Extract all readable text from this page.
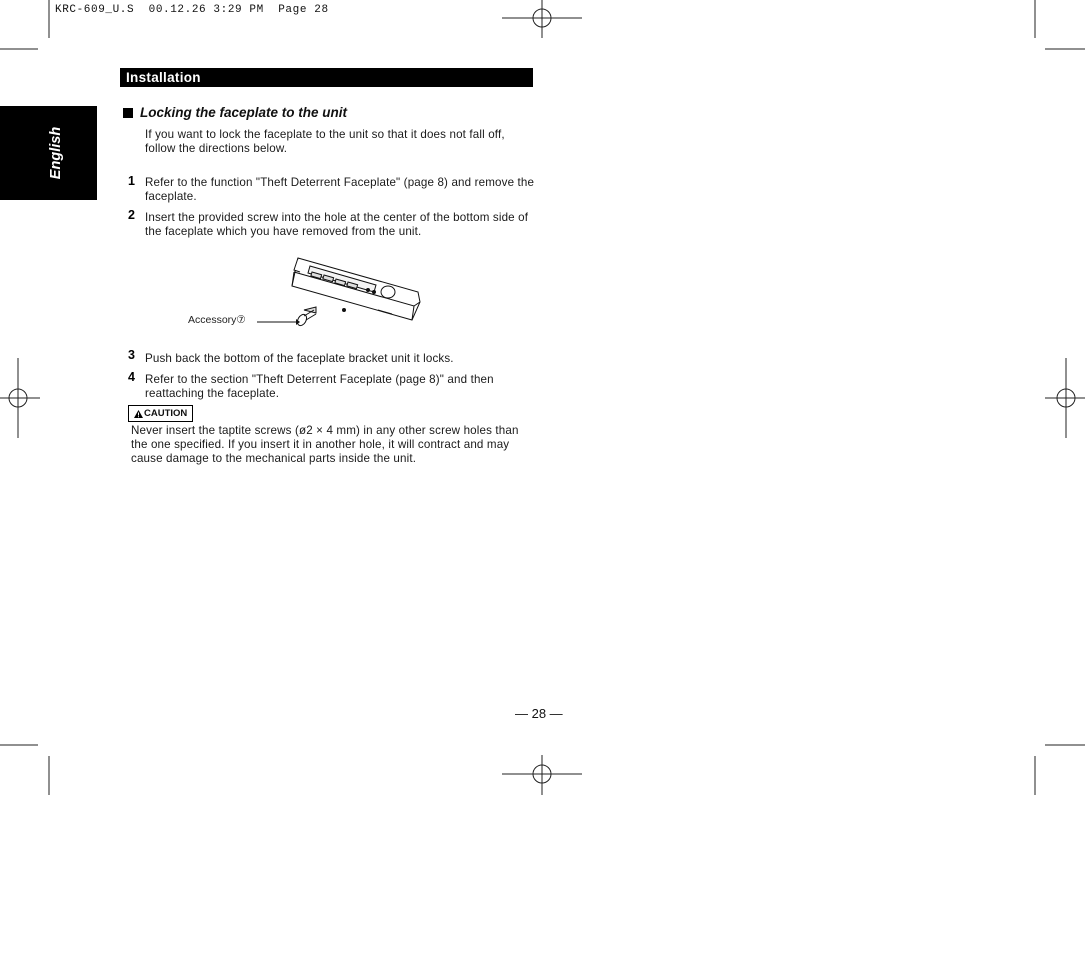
KRC-609_U.S  00.12.26 3:29 PM  Page 28
Installation
English
Locking the faceplate to the unit
If you want to lock the faceplate to the unit so that it does not fall off, follow the directions below.
1 Refer to the function "Theft Deterrent Faceplate" (page 8) and remove the faceplate.
2 Insert the provided screw into the hole at the center of the bottom side of the faceplate which you have removed from the unit.
Accessory⑦
3 Push back the bottom of the faceplate bracket unit it locks.
4 Refer to the section "Theft Deterrent Faceplate (page 8)" and then reattaching the faceplate.
CAUTION
Never insert the taptite screws (ø2 × 4 mm) in any other screw holes than the one specified. If you insert it in another hole, it will contract and may cause damage to the mechanical parts inside the unit.
— 28 —
